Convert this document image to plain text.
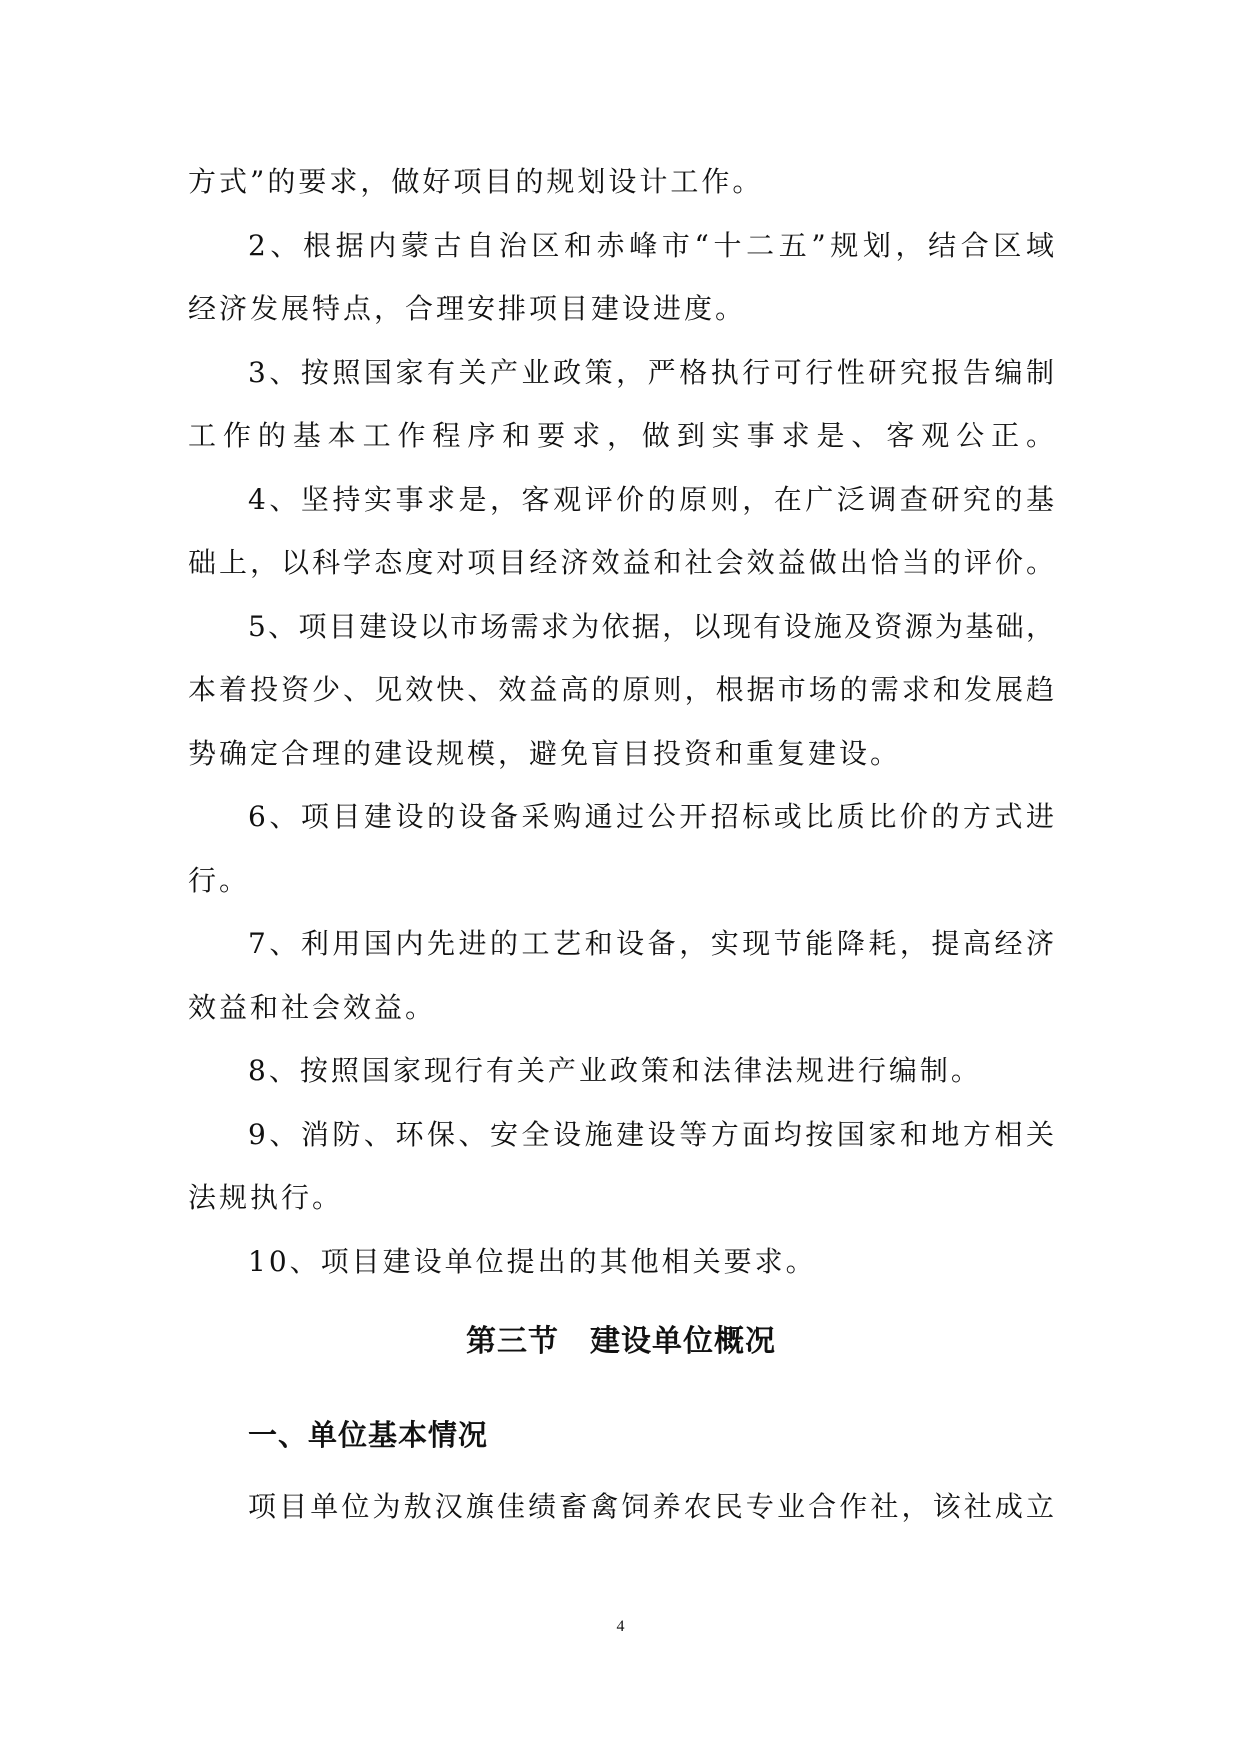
方式”的要求，做好项目的规划设计工作。
2、根据内蒙古自治区和赤峰市“十二五”规划，结合区域
经济发展特点，合理安排项目建设进度。
3、按照国家有关产业政策，严格执行可行性研究报告编制
工作的基本工作程序和要求，做到实事求是、客观公正。
4、坚持实事求是，客观评价的原则，在广泛调查研究的基
础上，以科学态度对项目经济效益和社会效益做出恰当的评价。
5、项目建设以市场需求为依据，以现有设施及资源为基础，
本着投资少、见效快、效益高的原则，根据市场的需求和发展趋
势确定合理的建设规模，避免盲目投资和重复建设。
6、项目建设的设备采购通过公开招标或比质比价的方式进
行。
7、利用国内先进的工艺和设备，实现节能降耗，提高经济
效益和社会效益。
8、按照国家现行有关产业政策和法律法规进行编制。
9、消防、环保、安全设施建设等方面均按国家和地方相关
法规执行。
10、项目建设单位提出的其他相关要求。
第三节　建设单位概况
一、单位基本情况
项目单位为敖汉旗佳绩畜禽饲养农民专业合作社，该社成立
4
